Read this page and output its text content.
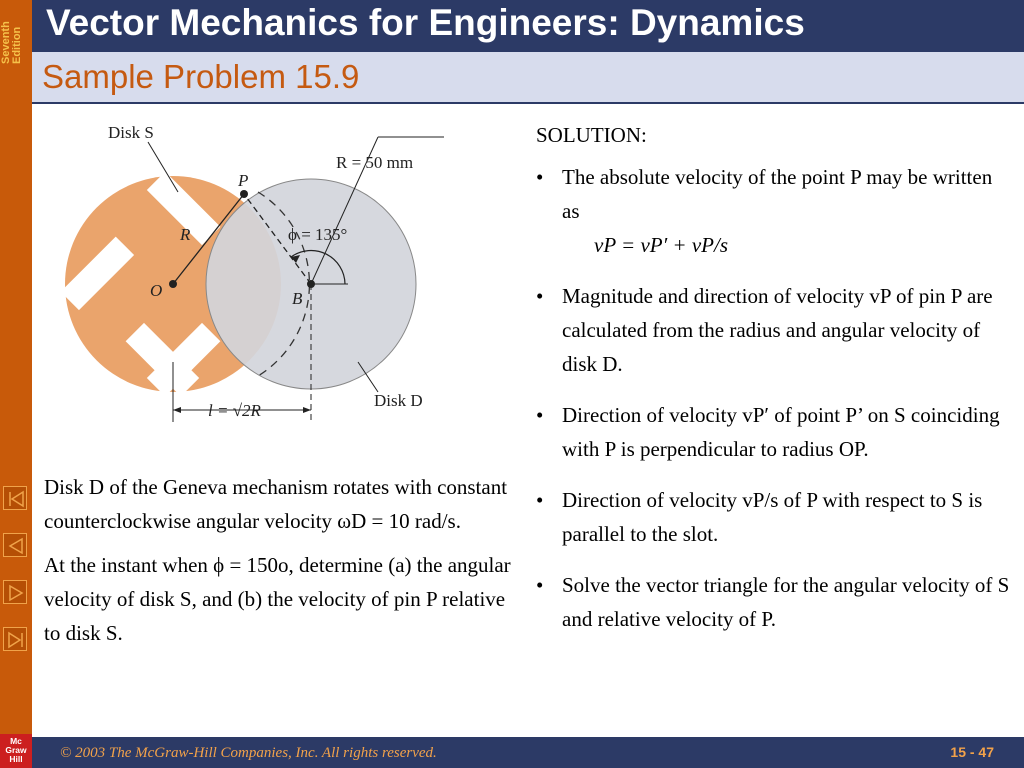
Seventh
Edition
Mc
Graw
Hill
Vector Mechanics for Engineers: Dynamics
Sample Problem 15.9
Disk S
R = 50 mm
P
R	ϕ = 135°
O	B
Disk D
l = √2R

Disk D of the Geneva mechanism rotates with constant counterclockwise angular velocity ωD = 10 rad/s.

At the instant when ϕ = 150o, determine (a) the angular velocity of disk S, and (b) the velocity of pin P relative to disk S.

SOLUTION:
• The absolute velocity of the point P may be written as
vP = vP′ + vP/s
• Magnitude and direction of velocity vP of pin P are calculated from the radius and angular velocity of disk D.
• Direction of velocity vP′ of point P’ on S coinciding with P is perpendicular to radius OP.
• Direction of velocity vP/s of P with respect to S is parallel to the slot.
• Solve the vector triangle for the angular velocity of S and relative velocity of P.
© 2003 The McGraw-Hill Companies, Inc. All rights reserved.	15 - 47
